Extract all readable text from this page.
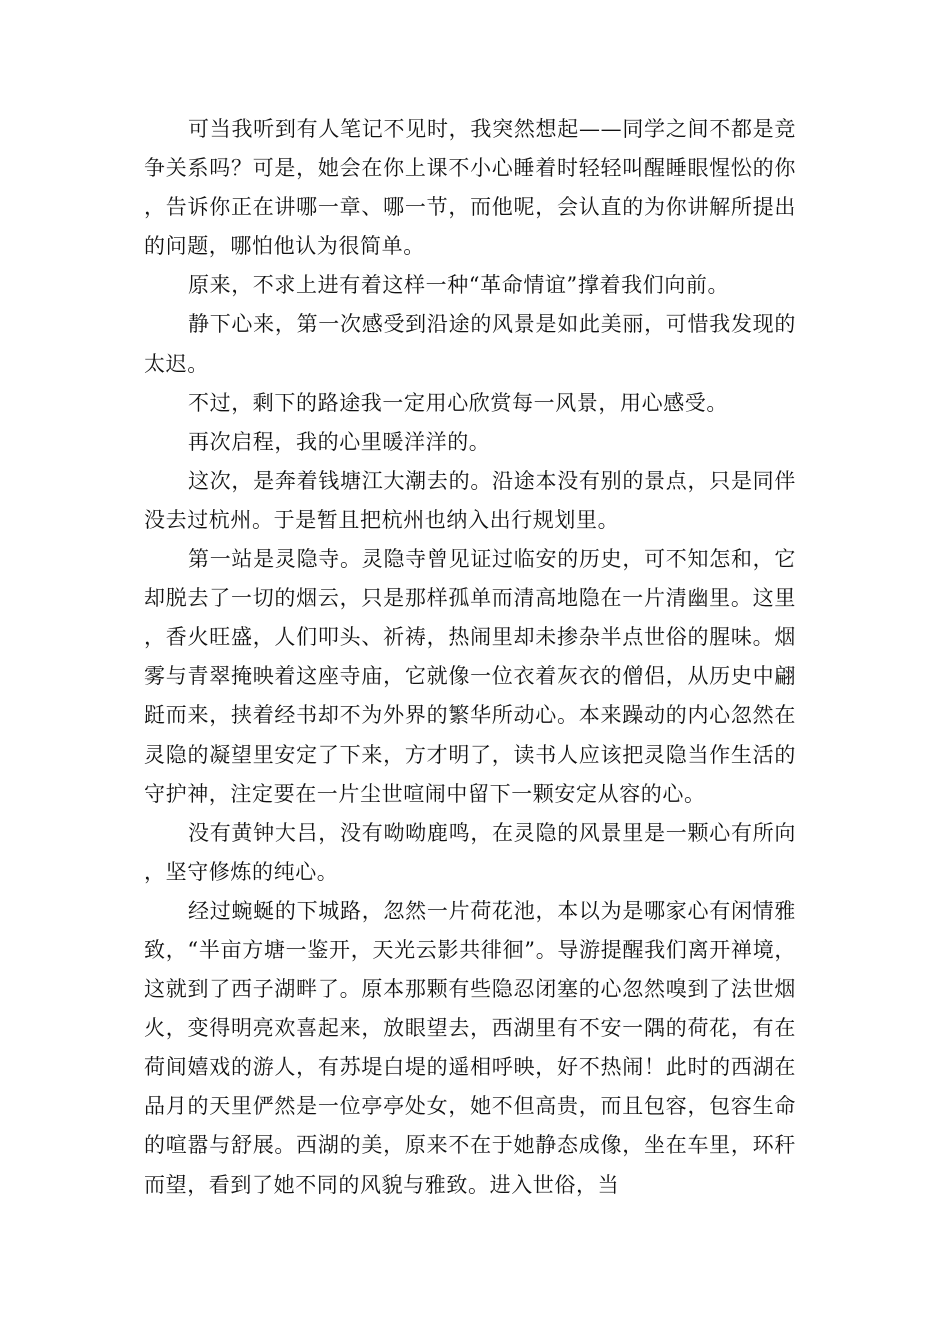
可当我听到有人笔记不见时，我突然想起——同学之间不都是竞争关系吗？可是，她会在你上课不小心睡着时轻轻叫醒睡眼惺忪的你，告诉你正在讲哪一章、哪一节，而他呢，会认直的为你讲解所提出的问题，哪怕他认为很简单。

原来，不求上进有着这样一种“革命情谊”撑着我们向前。

静下心来，第一次感受到沿途的风景是如此美丽，可惜我发现的太迟。

不过，剩下的路途我一定用心欣赏每一风景，用心感受。

再次启程，我的心里暖洋洋的。

这次，是奔着钱塘江大潮去的。沿途本没有别的景点，只是同伴没去过杭州。于是暂且把杭州也纳入出行规划里。

第一站是灵隐寺。灵隐寺曾见证过临安的历史，可不知怎和，它却脱去了一切的烟云，只是那样孤单而清高地隐在一片清幽里。这里，香火旺盛，人们叩头、祈祷，热闹里却未掺杂半点世俗的腥味。烟雾与青翠掩映着这座寺庙，它就像一位衣着灰衣的僧侣，从历史中翩跹而来，挟着经书却不为外界的繁华所动心。本来躁动的内心忽然在灵隐的凝望里安定了下来，方才明了，读书人应该把灵隐当作生活的守护神，注定要在一片尘世喧闹中留下一颗安定从容的心。

没有黄钟大吕，没有呦呦鹿鸣，在灵隐的风景里是一颗心有所向，坚守修炼的纯心。

经过蜿蜒的下城路，忽然一片荷花池，本以为是哪家心有闲情雅致，“半亩方塘一鉴开，天光云影共徘徊”。导游提醒我们离开禅境，这就到了西子湖畔了。原本那颗有些隐忍闭塞的心忽然嗅到了法世烟火，变得明亮欢喜起来，放眼望去，西湖里有不安一隅的荷花，有在荷间嬉戏的游人，有苏堤白堤的遥相呼映，好不热闹！此时的西湖在品月的天里俨然是一位亭亭处女，她不但高贵，而且包容，包容生命的喧嚣与舒展。西湖的美，原来不在于她静态成像，坐在车里，环秆而望，看到了她不同的风貌与雅致。进入世俗，当
